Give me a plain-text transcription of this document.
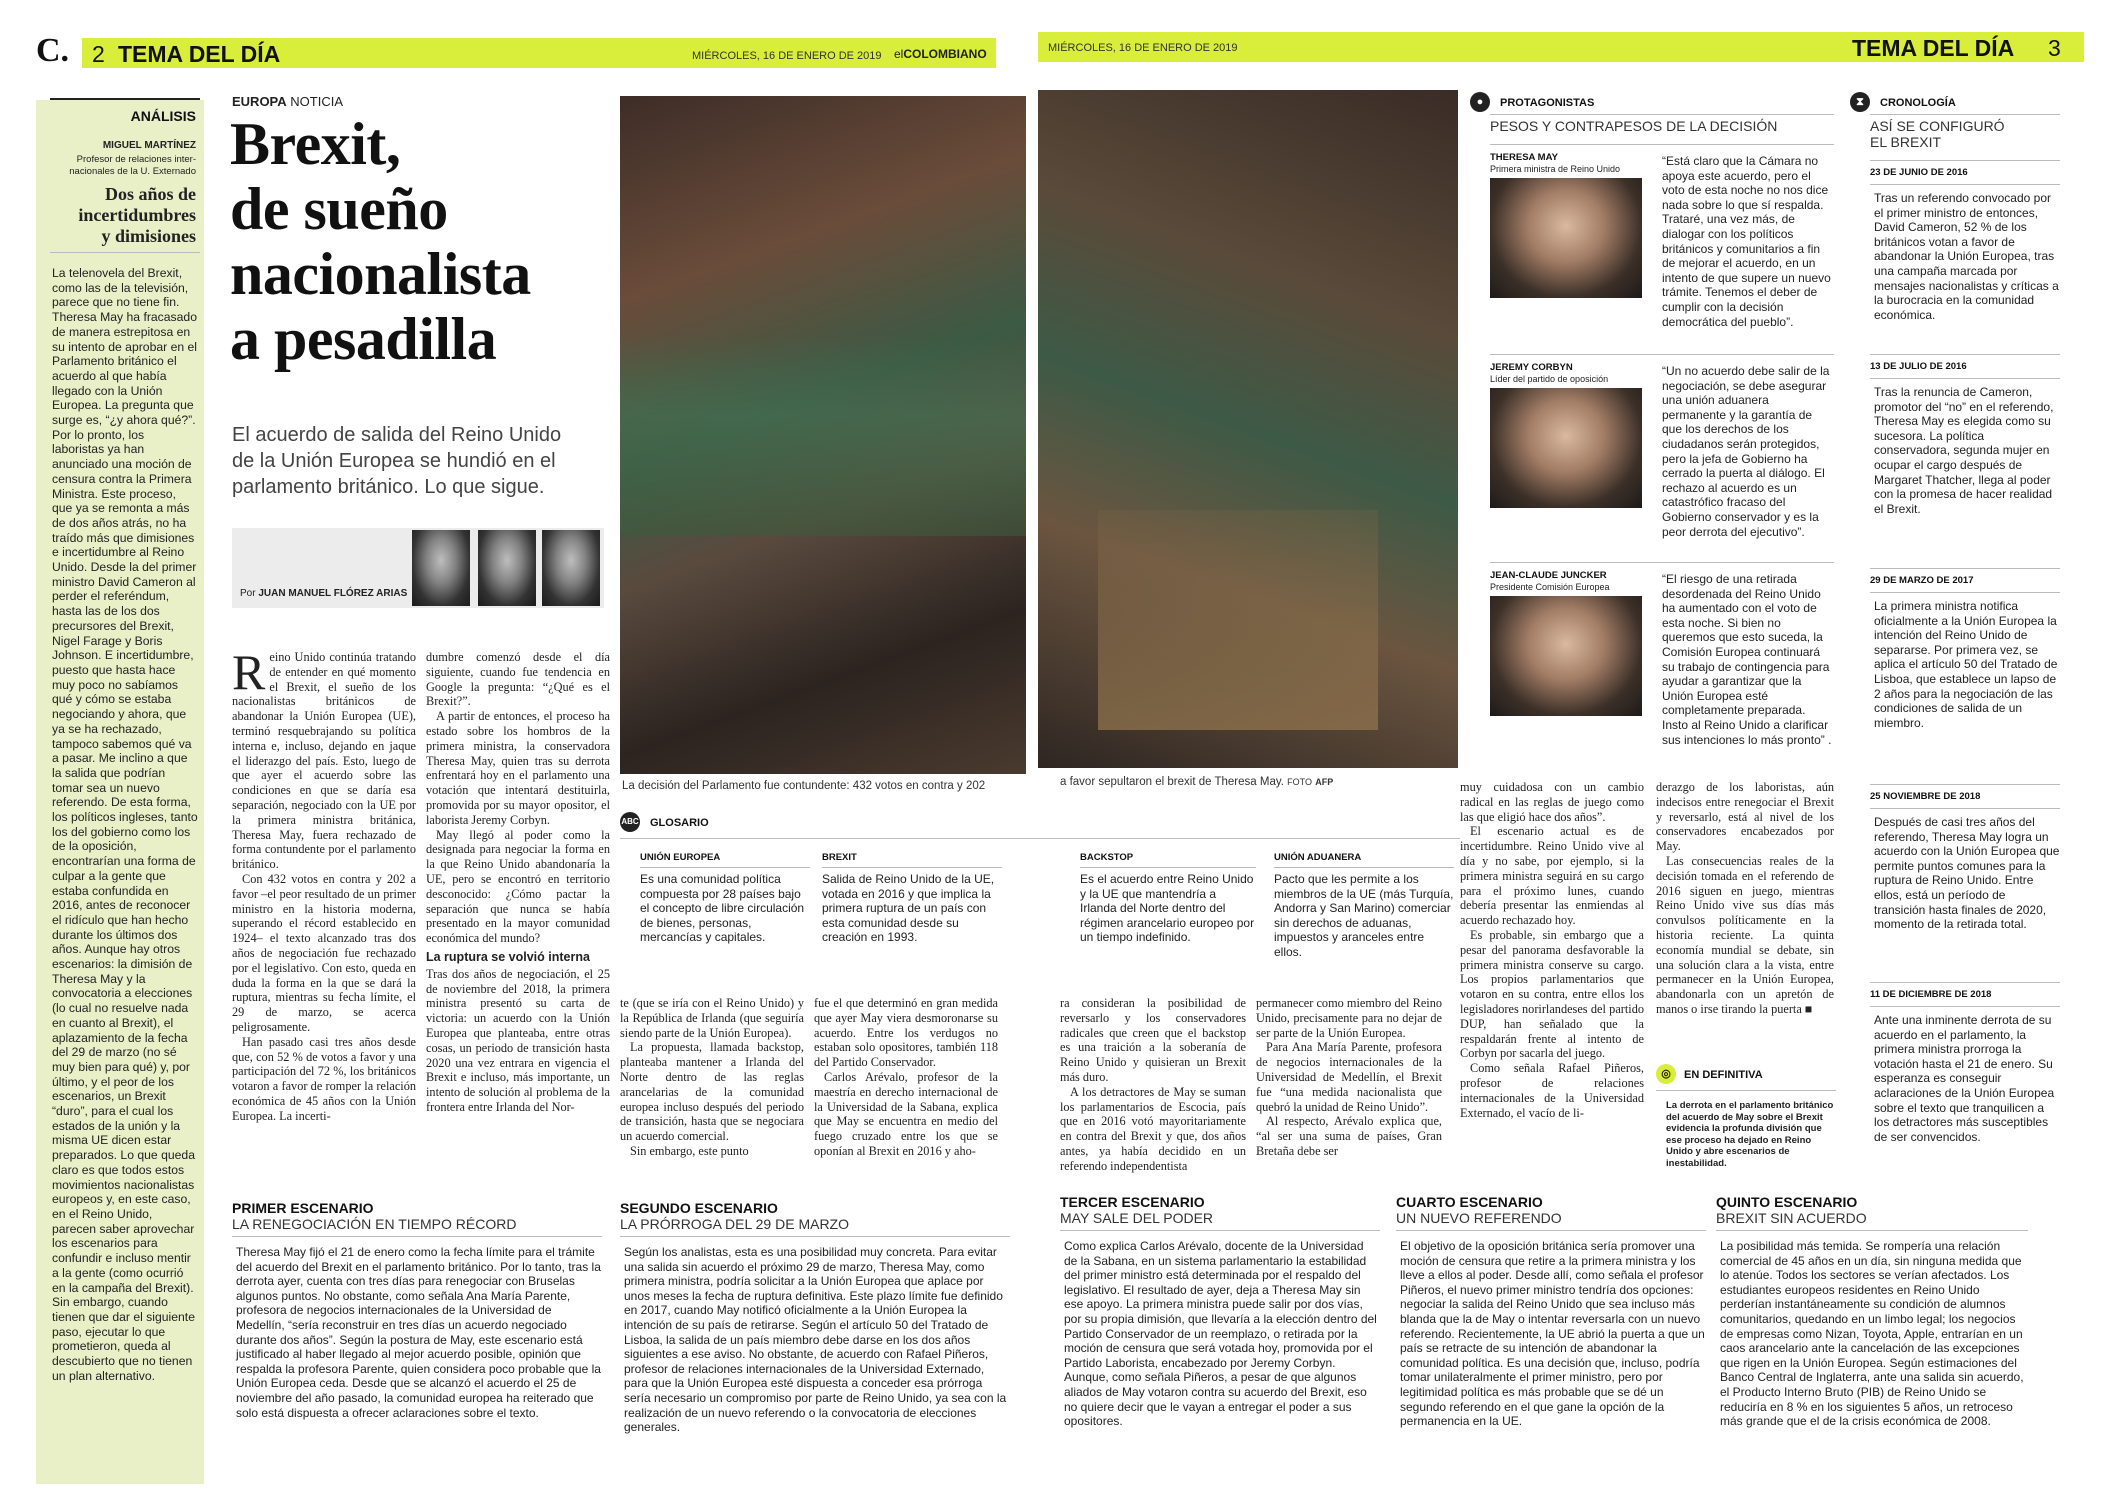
C. 2 TEMA DEL DÍA	MIÉRCOLES, 16 DE ENERO DE 2019 elCOLOMBIANO	MIÉRCOLES, 16 DE ENERO DE 2019	TEMA DEL DÍA 3
ANÁLISIS
MIGUEL MARTÍNEZ
Profesor de relaciones inter-
nacionales de la U. Externado
Dos años de
incertidumbres
y dimisiones
La telenovela del Brexit, como las de la televisión, parece que no tiene fin. Theresa May ha fracasado de manera estrepitosa en su intento de aprobar en el Parlamento británico el acuerdo al que había llegado con la Unión Europea. La pregunta que surge es, “¿y ahora qué?”. Por lo pronto, los laboristas ya han anunciado una moción de censura contra la Primera Ministra. Este proceso, que ya se remonta a más de dos años atrás, no ha traído más que dimisiones e incertidumbre al Reino Unido. Desde la del primer ministro David Cameron al perder el referéndum, hasta las de los dos precursores del Brexit, Nigel Farage y Boris Johnson. E incertidumbre, puesto que hasta hace muy poco no sabíamos qué y cómo se estaba negociando y ahora, que ya se ha rechazado, tampoco sabemos qué va a pasar. Me inclino a que la salida que podrían tomar sea un nuevo referendo. De esta forma, los políticos ingleses, tanto los del gobierno como los de la oposición, encontrarían una forma de culpar a la gente que estaba confundida en 2016, antes de reconocer el ridículo que han hecho durante los últimos dos años. Aunque hay otros escenarios: la dimisión de Theresa May y la convocatoria a elecciones (lo cual no resuelve nada en cuanto al Brexit), el aplazamiento de la fecha del 29 de marzo (no sé muy bien para qué) y, por último, y el peor de los escenarios, un Brexit “duro”, para el cual los estados de la unión y la misma UE dicen estar preparados. Lo que queda claro es que todos estos movimientos nacionalistas europeos y, en este caso, en el Reino Unido, parecen saber aprovechar los escenarios para confundir e incluso mentir a la gente (como ocurrió en la campaña del Brexit). Sin embargo, cuando tienen que dar el siguiente paso, ejecutar lo que prometieron, queda al descubierto que no tienen un plan alternativo.
EUROPA NOTICIA
Brexit,
de sueño
nacionalista
a pesadilla
El acuerdo de salida del Reino Unido
de la Unión Europea se hundió en el
parlamento británico. Lo que sigue.
Por JUAN MANUEL FLÓREZ ARIAS
La decisión del Parlamento fue contundente: 432 votos en contra y 202	a favor sepultaron el brexit de Theresa May. FOTO AFP
R eino Unido continúa tratando de entender en qué momento el Brexit, el sueño de los nacionalistas británicos de abandonar la Unión Europea (UE), terminó resquebrajando su política interna e, incluso, dejando en jaque el liderazgo del país. Esto, luego de que ayer el acuerdo sobre las condiciones en que se daría esa separación, negociado con la UE por la primera ministra británica, Theresa May, fuera rechazado de forma contundente por el parlamento británico.

Con 432 votos en contra y 202 a favor –el peor resultado de un primer ministro en la historia moderna, superando el récord establecido en 1924– el texto alcanzado tras dos años de negociación fue rechazado por el legislativo. Con esto, queda en duda la forma en la que se dará la ruptura, mientras su fecha límite, el 29 de marzo, se acerca peligrosamente.

Han pasado casi tres años desde que, con 52 % de votos a favor y una participación del 72 %, los británicos votaron a favor de romper la relación económica de 45 años con la Unión Europea. La incerti-

dumbre comenzó desde el día siguiente, cuando fue tendencia en Google la pregunta: “¿Qué es el Brexit?”.

A partir de entonces, el proceso ha estado sobre los hombros de la primera ministra, la conservadora Theresa May, quien tras su derrota enfrentará hoy en el parlamento una votación que intentará destituirla, promovida por su mayor opositor, el laborista Jeremy Corbyn.

May llegó al poder como la designada para negociar la forma en la que Reino Unido abandonaría la UE, pero se encontró en territorio desconocido: ¿Cómo pactar la separación que nunca se había presentado en la mayor comunidad económica del mundo?

La ruptura se volvió interna

Tras dos años de negociación, el 25 de noviembre del 2018, la primera ministra presentó su carta de victoria: un acuerdo con la Unión Europea que planteaba, entre otras cosas, un periodo de transición hasta 2020 una vez entrara en vigencia el Brexit e incluso, más importante, un intento de solución al problema de la frontera entre Irlanda del Nor-

ABC GLOSARIO
UNIÓN EUROPEA
Es una comunidad política compuesta por 28 países bajo el concepto de libre circulación de bienes, personas, mercancías y capitales.
BREXIT
Salida de Reino Unido de la UE, votada en 2016 y que implica la primera ruptura de un país con esta comunidad desde su creación en 1993.
BACKSTOP
Es el acuerdo entre Reino Unido y la UE que mantendría a Irlanda del Norte dentro del régimen arancelario europeo por un tiempo indefinido.
UNIÓN ADUANERA
Pacto que les permite a los miembros de la UE (más Turquía, Andorra y San Marino) comerciar sin derechos de aduanas, impuestos y aranceles entre ellos.

te (que se iría con el Reino Unido) y la República de Irlanda (que seguiría siendo parte de la Unión Europea).

La propuesta, llamada backstop, planteaba mantener a Irlanda del Norte dentro de las reglas arancelarias de la comunidad europea incluso después del periodo de transición, hasta que se negociara un acuerdo comercial.

Sin embargo, este punto

fue el que determinó en gran medida que ayer May viera desmoronarse su acuerdo. Entre los verdugos no estaban solo opositores, también 118 del Partido Conservador.

Carlos Arévalo, profesor de la maestría en derecho internacional de la Universidad de la Sabana, explica que May se encuentra en medio del fuego cruzado entre los que se oponían al Brexit en 2016 y aho-

ra consideran la posibilidad de reversarlo y los conservadores radicales que creen que el backstop es una traición a la soberanía de Reino Unido y quisieran un Brexit más duro.

A los detractores de May se suman los parlamentarios de Escocia, país que en 2016 votó mayoritariamente en contra del Brexit y que, dos años antes, ya había decidido en un referendo independentista

permanecer como miembro del Reino Unido, precisamente para no dejar de ser parte de la Unión Europea.

Para Ana María Parente, profesora de negocios internacionales de la Universidad de Medellín, el Brexit fue “una medida nacionalista que quebró la unidad de Reino Unido”.

Al respecto, Arévalo explica que, “al ser una suma de países, Gran Bretaña debe ser

muy cuidadosa con un cambio radical en las reglas de juego como las que eligió hace dos años”.

El escenario actual es de incertidumbre. Reino Unido vive al día y no sabe, por ejemplo, si la primera ministra seguirá en su cargo para el próximo lunes, cuando debería presentar las enmiendas al acuerdo rechazado hoy.

Es probable, sin embargo que a pesar del panorama desfavorable la primera ministra conserve su cargo. Los propios parlamentarios que votaron en su contra, entre ellos los legisladores norirlandeses del partido DUP, han señalado que la respaldarán frente al intento de Corbyn por sacarla del juego.

Como señala Rafael Piñeros, profesor de relaciones internacionales de la Universidad Externado, el vacío de li-

derazgo de los laboristas, aún indecisos entre renegociar el Brexit y reversarlo, está al nivel de los conservadores encabezados por May.

Las consecuencias reales de la decisión tomada en el referendo de 2016 siguen en juego, mientras Reino Unido vive sus días más convulsos políticamente en la historia reciente. La quinta economía mundial se debate, sin una solución clara a la vista, entre permanecer en la Unión Europea, abandonarla con un apretón de manos o irse tirando la puerta ■

◎	EN DEFINITIVA
La derrota en el parlamento británico del acuerdo de May sobre el Brexit evidencia la profunda división que ese proceso ha dejado en Reino Unido y abre escenarios de inestabilidad.
●	PROTAGONISTAS
PESOS Y CONTRAPESOS DE LA DECISIÓN
THERESA MAY
Primera ministra de Reino Unido
“Está claro que la Cámara no apoya este acuerdo, pero el voto de esta noche no nos dice nada sobre lo que sí respalda. Trataré, una vez más, de dialogar con los políticos británicos y comunitarios a fin de mejorar el acuerdo, en un intento de que supere un nuevo trámite. Tenemos el deber de cumplir con la decisión democrática del pueblo”.
JEREMY CORBYN
Líder del partido de oposición
“Un no acuerdo debe salir de la negociación, se debe asegurar una unión aduanera permanente y la garantía de que los derechos de los ciudadanos serán protegidos, pero la jefa de Gobierno ha cerrado la puerta al diálogo. El rechazo al acuerdo es un catastrófico fracaso del Gobierno conservador y es la peor derrota del ejecutivo”.
JEAN-CLAUDE JUNCKER
Presidente Comisión Europea
“El riesgo de una retirada desordenada del Reino Unido ha aumentado con el voto de esta noche. Si bien no queremos que esto suceda, la Comisión Europea continuará su trabajo de contingencia para ayudar a garantizar que la Unión Europea esté completamente preparada. Insto al Reino Unido a clarificar sus intenciones lo más pronto” .
⧗	CRONOLOGÍA
ASÍ SE CONFIGURÓ
EL BREXIT
23 DE JUNIO DE 2016
Tras un referendo convocado por el primer ministro de entonces, David Cameron, 52 % de los británicos votan a favor de abandonar la Unión Europea, tras una campaña marcada por mensajes nacionalistas y críticas a la burocracia en la comunidad económica.
13 DE JULIO DE 2016
Tras la renuncia de Cameron, promotor del “no” en el referendo, Theresa May es elegida como su sucesora. La política conservadora, segunda mujer en ocupar el cargo después de Margaret Thatcher, llega al poder con la promesa de hacer realidad el Brexit.
29 DE MARZO DE 2017
La primera ministra notifica oficialmente a la Unión Europea la intención del Reino Unido de separarse. Por primera vez, se aplica el artículo 50 del Tratado de Lisboa, que establece un lapso de 2 años para la negociación de las condiciones de salida de un miembro.
25 NOVIEMBRE DE 2018
Después de casi tres años del referendo, Theresa May logra un acuerdo con la Unión Europea que permite puntos comunes para la ruptura de Reino Unido. Entre ellos, está un período de transición hasta finales de 2020, momento de la retirada total.
11 DE DICIEMBRE DE 2018
Ante una inminente derrota de su acuerdo en el parlamento, la primera ministra prorroga la votación hasta el 21 de enero. Su esperanza es conseguir aclaraciones de la Unión Europea sobre el texto que tranquilicen a los detractores más susceptibles de ser convencidos.
PRIMER ESCENARIO
LA RENEGOCIACIÓN EN TIEMPO RÉCORD
Theresa May fijó el 21 de enero como la fecha límite para el trámite del acuerdo del Brexit en el parlamento británico. Por lo tanto, tras la derrota ayer, cuenta con tres días para renegociar con Bruselas algunos puntos. No obstante, como señala Ana María Parente, profesora de negocios internacionales de la Universidad de Medellín, “sería reconstruir en tres días un acuerdo negociado durante dos años”. Según la postura de May, este escenario está justificado al haber llegado al mejor acuerdo posible, opinión que respalda la profesora Parente, quien considera poco probable que la Unión Europea ceda. Desde que se alcanzó el acuerdo el 25 de noviembre del año pasado, la comunidad europea ha reiterado que solo está dispuesta a ofrecer aclaraciones sobre el texto.
SEGUNDO ESCENARIO
LA PRÓRROGA DEL 29 DE MARZO
Según los analistas, esta es una posibilidad muy concreta. Para evitar una salida sin acuerdo el próximo 29 de marzo, Theresa May, como primera ministra, podría solicitar a la Unión Europea que aplace por unos meses la fecha de ruptura definitiva. Este plazo límite fue definido en 2017, cuando May notificó oficialmente a la Unión Europea la intención de su país de retirarse. Según el artículo 50 del Tratado de Lisboa, la salida de un país miembro debe darse en los dos años siguientes a ese aviso. No obstante, de acuerdo con Rafael Piñeros, profesor de relaciones internacionales de la Universidad Externado, para que la Unión Europea esté dispuesta a conceder esa prórroga sería necesario un compromiso por parte de Reino Unido, ya sea con la realización de un nuevo referendo o la convocatoria de elecciones generales.
TERCER ESCENARIO
MAY SALE DEL PODER
Como explica Carlos Arévalo, docente de la Universidad de la Sabana, en un sistema parlamentario la estabilidad del primer ministro está determinada por el respaldo del legislativo. El resultado de ayer, deja a Theresa May sin ese apoyo. La primera ministra puede salir por dos vías, por su propia dimisión, que llevaría a la elección dentro del Partido Conservador de un reemplazo, o retirada por la moción de censura que será votada hoy, promovida por el Partido Laborista, encabezado por Jeremy Corbyn. Aunque, como señala Piñeros, a pesar de que algunos aliados de May votaron contra su acuerdo del Brexit, eso no quiere decir que le vayan a entregar el poder a sus opositores.
CUARTO ESCENARIO
UN NUEVO REFERENDO
El objetivo de la oposición británica sería promover una moción de censura que retire a la primera ministra y los lleve a ellos al poder. Desde allí, como señala el profesor Piñeros, el nuevo primer ministro tendría dos opciones: negociar la salida del Reino Unido que sea incluso más blanda que la de May o intentar reversarla con un nuevo referendo. Recientemente, la UE abrió la puerta a que un país se retracte de su intención de abandonar la comunidad política. Es una decisión que, incluso, podría tomar unilateralmente el primer ministro, pero por legitimidad política es más probable que se dé un segundo referendo en el que gane la opción de la permanencia en la UE.
QUINTO ESCENARIO
BREXIT SIN ACUERDO
La posibilidad más temida. Se rompería una relación comercial de 45 años en un día, sin ninguna medida que lo atenúe. Todos los sectores se verían afectados. Los estudiantes europeos residentes en Reino Unido perderían instantáneamente su condición de alumnos comunitarios, quedando en un limbo legal; los negocios de empresas como Nizan, Toyota, Apple, entrarían en un caos arancelario ante la cancelación de las excepciones que rigen en la Unión Europea. Según estimaciones del Banco Central de Inglaterra, ante una salida sin acuerdo, el Producto Interno Bruto (PIB) de Reino Unido se reduciría en 8 % en los siguientes 5 años, un retroceso más grande que el de la crisis económica de 2008.
